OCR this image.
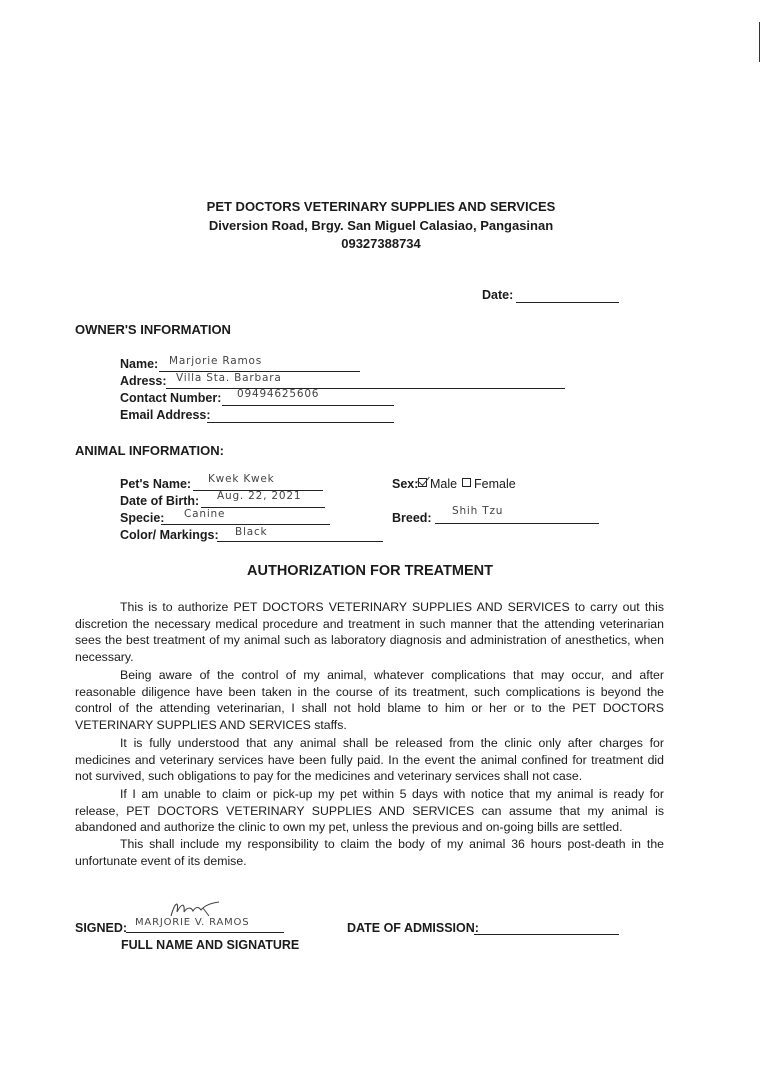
PET DOCTORS VETERINARY SUPPLIES AND SERVICES
Diversion Road, Brgy. San Miguel Calasiao, Pangasinan
09327388734
Date:
OWNER'S INFORMATION
Name: Marjorie Ramos
Adress: Villa Sta. Barbara
Contact Number: 09494625606
Email Address:
ANIMAL INFORMATION:
Pet's Name: Kwek Kwek
Date of Birth: Aug. 22, 2021
Specie: Canine
Color/ Markings: Black
Sex: Male	Female
Breed: Shih Tzu
AUTHORIZATION FOR TREATMENT

This is to authorize PET DOCTORS VETERINARY SUPPLIES AND SERVICES to carry out this discretion the necessary medical procedure and treatment in such manner that the attending veterinarian sees the best treatment of my animal such as laboratory diagnosis and administration of anesthetics, when necessary.

Being aware of the control of my animal, whatever complications that may occur, and after reasonable diligence have been taken in the course of its treatment, such complications is beyond the control of the attending veterinarian, I shall not hold blame to him or her or to the PET DOCTORS VETERINARY SUPPLIES AND SERVICES staffs.

It is fully understood that any animal shall be released from the clinic only after charges for medicines and veterinary services have been fully paid. In the event the animal confined for treatment did not survived, such obligations to pay for the medicines and veterinary services shall not case.

If I am unable to claim or pick-up my pet within 5 days with notice that my animal is ready for release, PET DOCTORS VETERINARY SUPPLIES AND SERVICES can assume that my animal is abandoned and authorize the clinic to own my pet, unless the previous and on-going bills are settled.

This shall include my responsibility to claim the body of my animal 36 hours post-death in the unfortunate event of its demise.

SIGNED: MARJORIE V. RAMOS
FULL NAME AND SIGNATURE
DATE OF ADMISSION:
